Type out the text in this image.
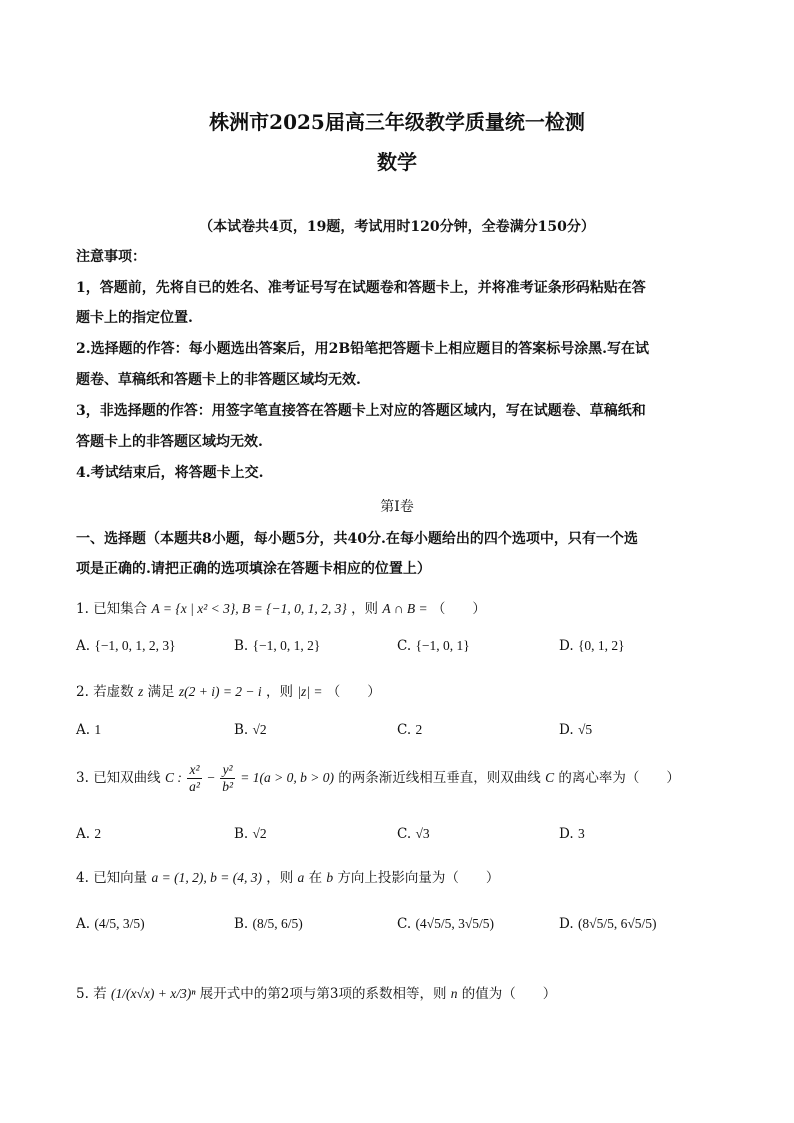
株洲市2025届高三年级教学质量统一检测
数学
（本试卷共4页，19题，考试用时120分钟，全卷满分150分）
注意事项：
1，答题前，先将自已的姓名、准考证号写在试题卷和答题卡上，并将准考证条形码粘贴在答
题卡上的指定位置.
2.选择题的作答：每小题选出答案后，用2B铅笔把答题卡上相应题目的答案标号涂黑.写在试
题卷、草稿纸和答题卡上的非答题区域均无效.
3，非选择题的作答：用签字笔直接答在答题卡上对应的答题区域内，写在试题卷、草稿纸和
答题卡上的非答题区域均无效.
4.考试结束后，将答题卡上交.
第I卷
一、选择题（本题共8小题，每小题5分，共40分.在每小题给出的四个选项中，只有一个选
项是正确的.请把正确的选项填涂在答题卡相应的位置上）
1. 已知集合 A = {x | x² < 3}, B = {−1, 0, 1, 2, 3} ，则 A ∩ B = （　　）
A. {−1, 0, 1, 2, 3}	B. {−1, 0, 1, 2}	C. {−1, 0, 1}	D. {0, 1, 2}
2. 若虚数 z 满足 z(2 + i) = 2 − i ，则 |z| = （　　）
A. 1	B. √2	C. 2	D. √5
3. 已知双曲线 C : $\frac{\text{x²}}{\text{a²}} - \frac{\text{y²}}{\text{b²}} = 1(a > 0$, b > 0) 的两条渐近线相互垂直，则双曲线 C 的离心率为（　　）
A. 2	B. √2	C. √3	D. 3
4. 已知向量 a = (1, 2), b = (4, 3) ，则 a 在 b 方向上投影向量为（　　）
A. (4/5, 3/5)	B. (8/5, 6/5)	C. (4√5/5, 3√5/5)	D. (8√5/5, 6√5/5)
5. 若 (1/(x√x) + x/3)ⁿ 展开式中的第2项与第3项的系数相等，则 n 的值为（　　）
